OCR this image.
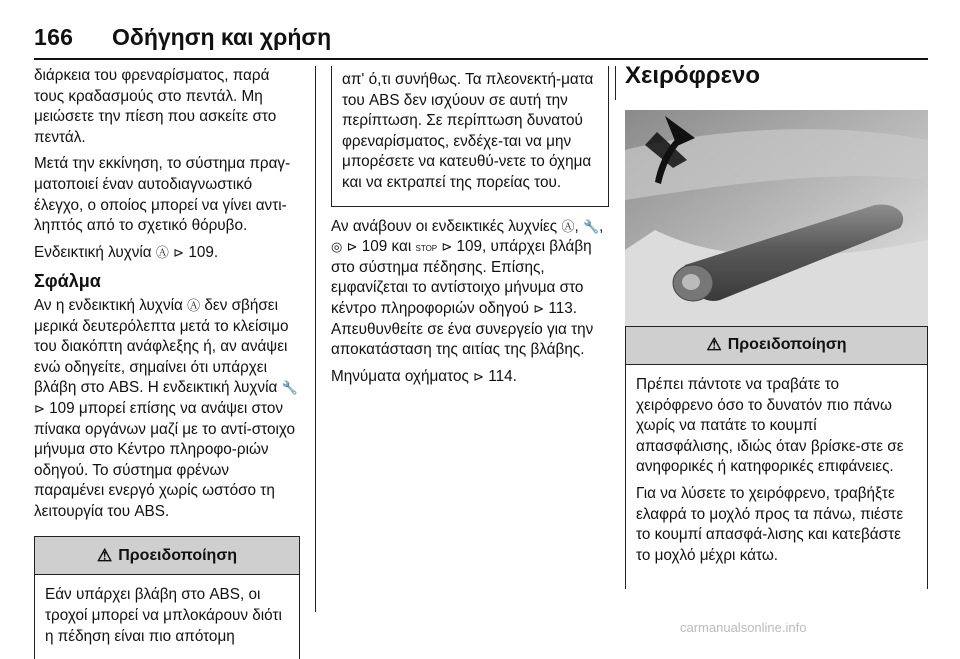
166 Οδήγηση και χρήση

διάρκεια του φρεναρίσματος, παρά τους κραδασμούς στο πεντάλ. Μη μειώσετε την πίεση που ασκείτε στο πεντάλ.

Μετά την εκκίνηση, το σύστημα πραγ-ματοποιεί έναν αυτοδιαγνωστικό έλεγχο, ο οποίος μπορεί να γίνει αντι-ληπτός από το σχετικό θόρυβο.

Ενδεικτική λυχνία Ⓐ ⊳ 109.

Σφάλμα

Αν η ενδεικτική λυχνία Ⓐ δεν σβήσει μερικά δευτερόλεπτα μετά το κλείσιμο του διακόπτη ανάφλεξης ή, αν ανάψει ενώ οδηγείτε, σημαίνει ότι υπάρχει βλάβη στο ABS. Η ενδεικτική λυχνία 🔧 ⊳ 109 μπορεί επίσης να ανάψει στον πίνακα οργάνων μαζί με το αντί-στοιχο μήνυμα στο Κέντρο πληροφο-ριών οδηγού. Το σύστημα φρένων παραμένει ενεργό χωρίς ωστόσο τη λειτουργία του ABS.

⚠ Προειδοποίηση

Εάν υπάρχει βλάβη στο ABS, οι τροχοί μπορεί να μπλοκάρουν διότι η πέδηση είναι πιο απότομη

απ' ό,τι συνήθως. Τα πλεονεκτή-ματα του ABS δεν ισχύουν σε αυτή την περίπτωση. Σε περίπτωση δυνατού φρεναρίσματος, ενδέχε-ται να μην μπορέσετε να κατευθύ-νετε το όχημα και να εκτραπεί της πορείας του.

Αν ανάβουν οι ενδεικτικές λυχνίες Ⓐ, 🔧, ◎ ⊳ 109 και STOP ⊳ 109, υπάρχει βλάβη στο σύστημα πέδησης. Επίσης, εμφανίζεται το αντίστοιχο μήνυμα στο κέντρο πληροφοριών οδηγού ⊳ 113. Απευθυνθείτε σε ένα συνεργείο για την αποκατάσταση της αιτίας της βλάβης.

Μηνύματα οχήματος ⊳ 114.

Χειρόφρενο
⚠ Προειδοποίηση

Πρέπει πάντοτε να τραβάτε το χειρόφρενο όσο το δυνατόν πιο πάνω χωρίς να πατάτε το κουμπί απασφάλισης, ιδιώς όταν βρίσκε-στε σε ανηφορικές ή κατηφορικές επιφάνειες.

Για να λύσετε το χειρόφρενο, τραβήξτε ελαφρά το μοχλό προς τα πάνω, πιέστε το κουμπί απασφά-λισης και κατεβάστε το μοχλό μέχρι κάτω.

carmanualsonline.info
